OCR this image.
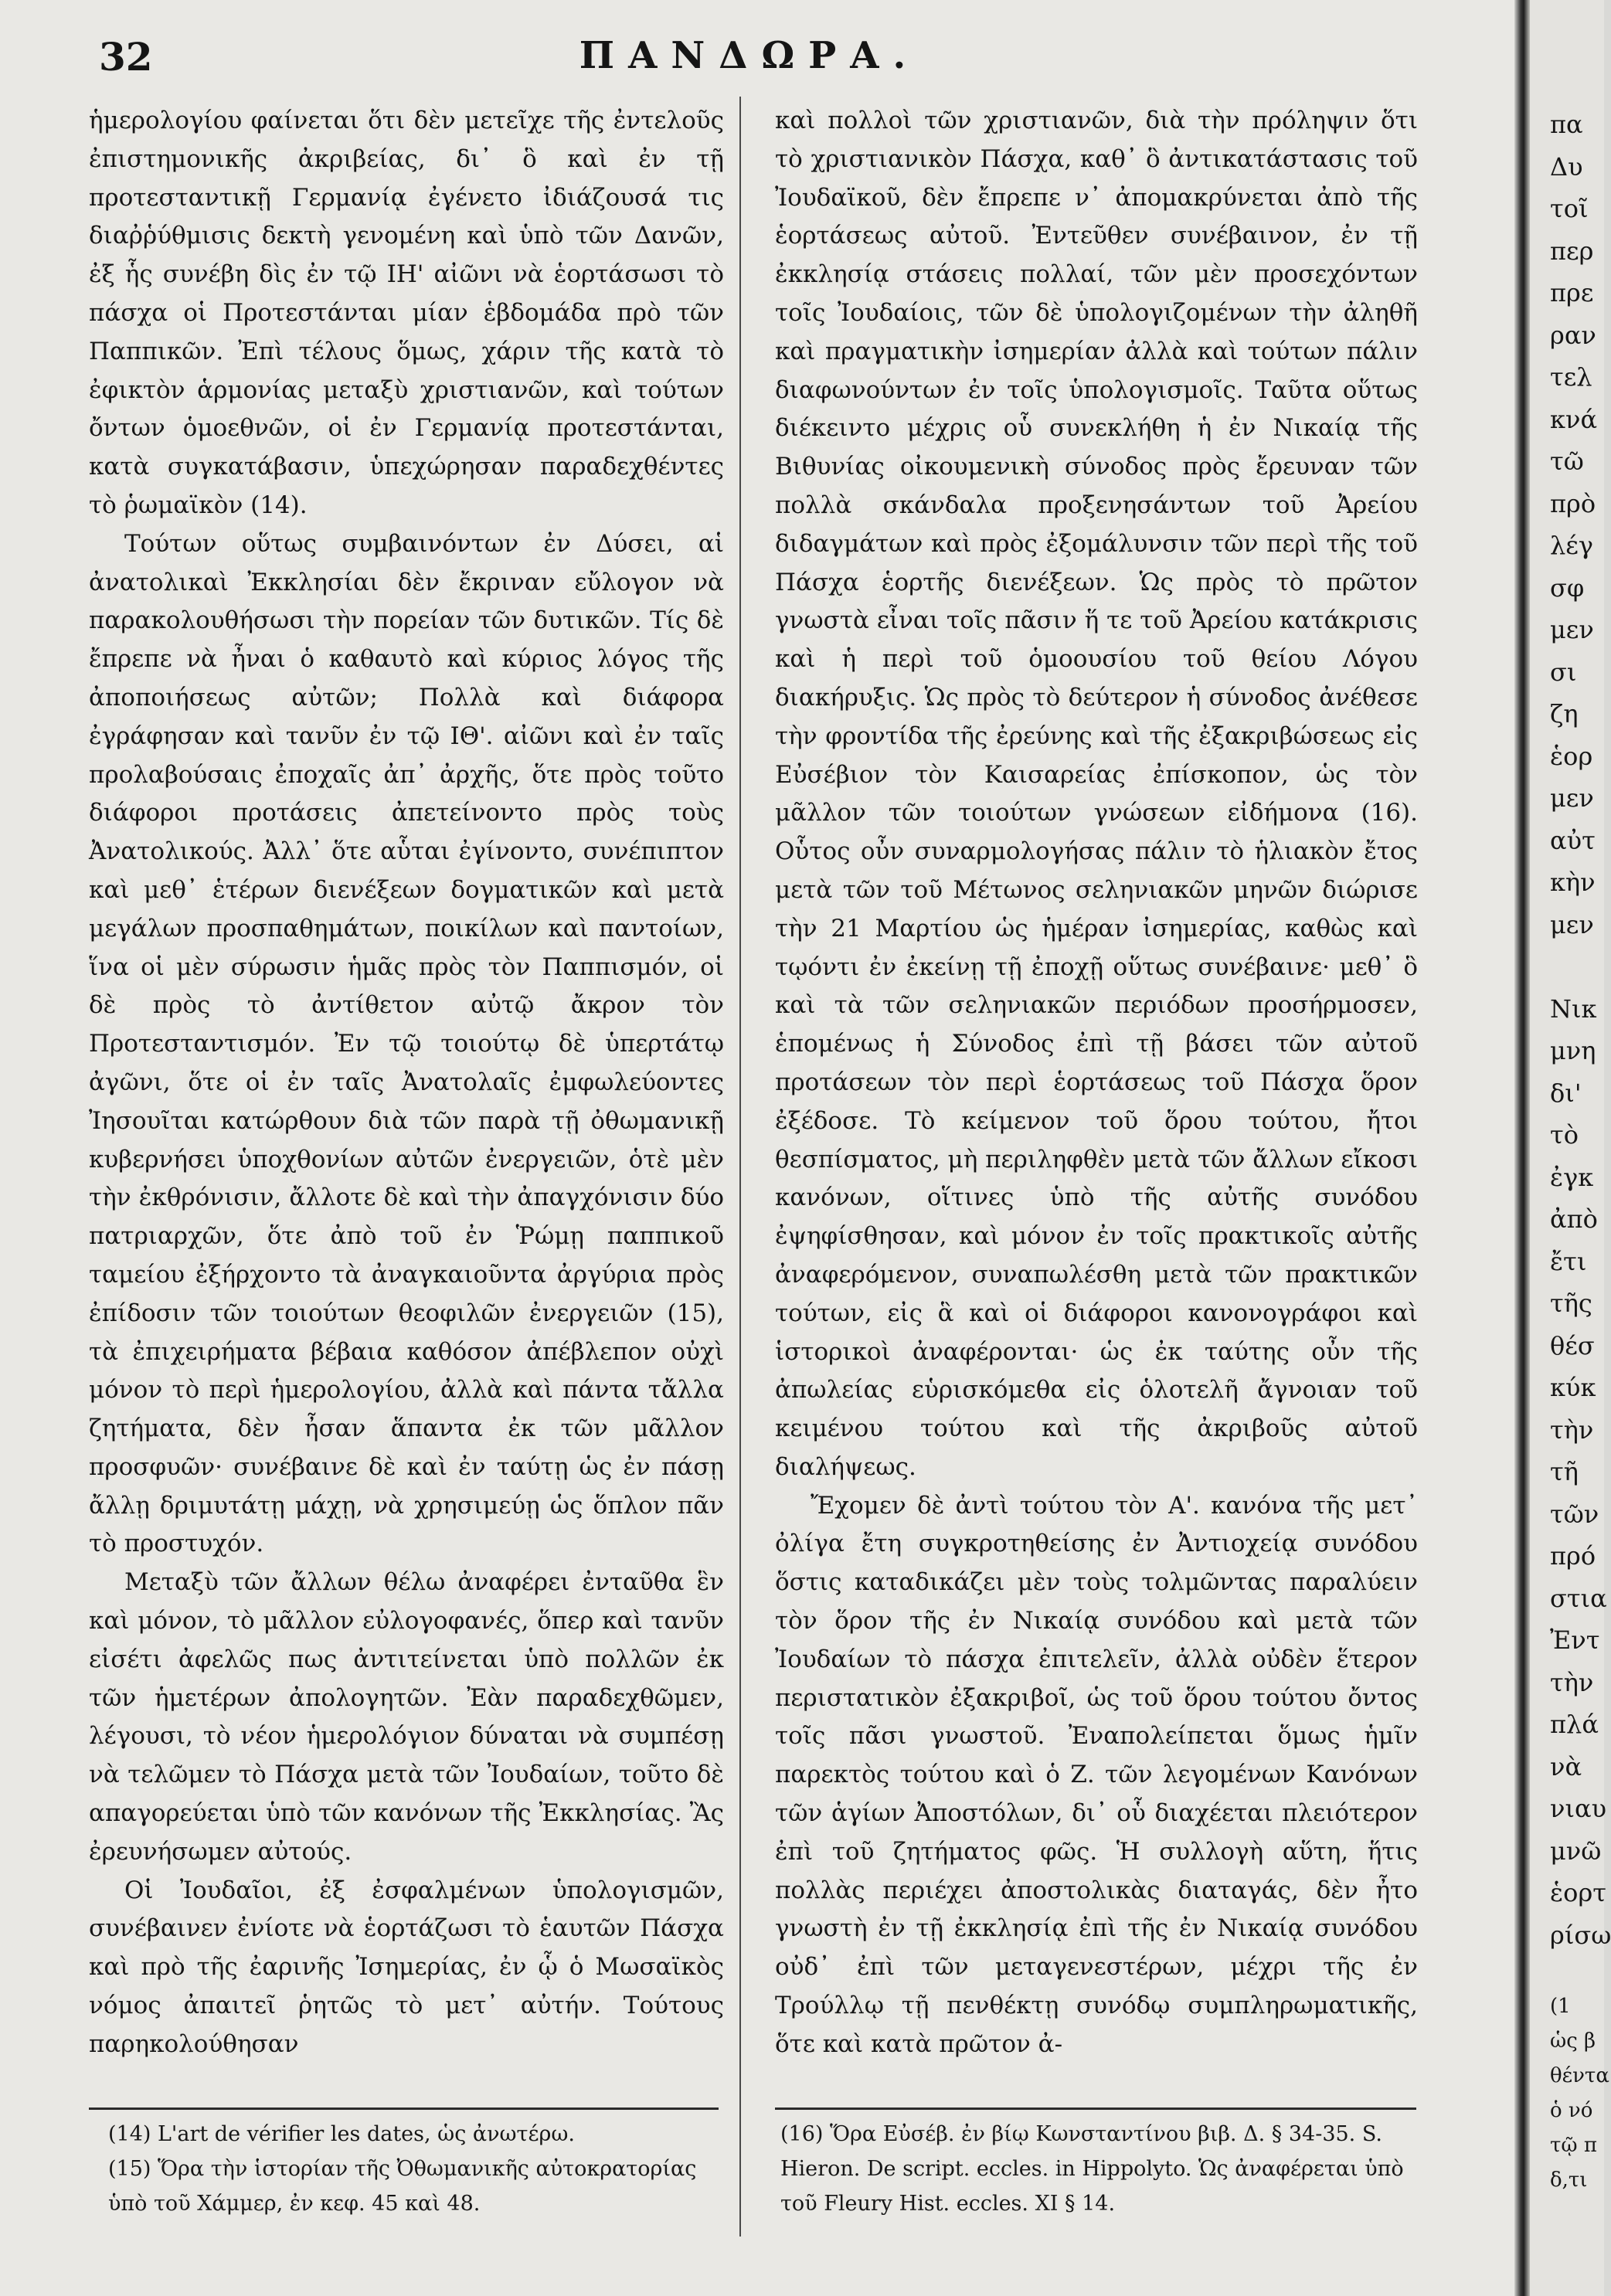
32	ΠΑΝΔΩΡΑ.

ἡμερολογίου φαίνεται ὅτι δὲν μετεῖχε τῆς ἐντελοῦς ἐπιστημονικῆς ἀκριβείας, δι᾽ ὃ καὶ ἐν τῇ προτεσταντικῇ Γερμανίᾳ ἐγένετο ἰδιάζουσά τις διαῤῥύθμισις δεκτὴ γενομένη καὶ ὑπὸ τῶν Δανῶν, ἐξ ἧς συνέβη δὶς ἐν τῷ ΙΗ' αἰῶνι νὰ ἑορτάσωσι τὸ πάσχα οἱ Προτεστάνται μίαν ἑβδομάδα πρὸ τῶν Παππικῶν. Ἐπὶ τέλους ὅμως, χάριν τῆς κατὰ τὸ ἐφικτὸν ἁρμονίας μεταξὺ χριστιανῶν, καὶ τούτων ὄντων ὁμοεθνῶν, οἱ ἐν Γερμανίᾳ προτεστάνται, κατὰ συγκατάβασιν, ὑπεχώρησαν παραδεχθέντες τὸ ῥωμαϊκὸν (14).

Τούτων οὕτως συμβαινόντων ἐν Δύσει, αἱ ἀνατολικαὶ Ἐκκλησίαι δὲν ἔκριναν εὔλογον νὰ παρακολουθήσωσι τὴν πορείαν τῶν δυτικῶν. Τίς δὲ ἔπρεπε νὰ ἦναι ὁ καθαυτὸ καὶ κύριος λόγος τῆς ἀποποιήσεως αὐτῶν; Πολλὰ καὶ διάφορα ἐγράφησαν καὶ τανῦν ἐν τῷ ΙΘ'. αἰῶνι καὶ ἐν ταῖς προλαβούσαις ἐποχαῖς ἀπ᾽ ἀρχῆς, ὅτε πρὸς τοῦτο διάφοροι προτάσεις ἀπετείνοντο πρὸς τοὺς Ἀνατολικούς. Ἀλλ᾽ ὅτε αὗται ἐγίνοντο, συνέπιπτον καὶ μεθ᾽ ἑτέρων διενέξεων δογματικῶν καὶ μετὰ μεγάλων προσπαθημάτων, ποικίλων καὶ παντοίων, ἵνα οἱ μὲν σύρωσιν ἡμᾶς πρὸς τὸν Παππισμόν, οἱ δὲ πρὸς τὸ ἀντίθετον αὐτῷ ἄκρον τὸν Προτεσταντισμόν. Ἐν τῷ τοιούτῳ δὲ ὑπερτάτῳ ἀγῶνι, ὅτε οἱ ἐν ταῖς Ἀνατολαῖς ἐμφωλεύοντες Ἰησουῖται κατώρθουν διὰ τῶν παρὰ τῇ ὀθωμανικῇ κυβερνήσει ὑποχθονίων αὐτῶν ἐνεργειῶν, ὁτὲ μὲν τὴν ἐκθρόνισιν, ἄλλοτε δὲ καὶ τὴν ἀπαγχόνισιν δύο πατριαρχῶν, ὅτε ἀπὸ τοῦ ἐν Ῥώμῃ παππικοῦ ταμείου ἐξήρχοντο τὰ ἀναγκαιοῦντα ἀργύρια πρὸς ἐπίδοσιν τῶν τοιούτων θεοφιλῶν ἐνεργειῶν (15), τὰ ἐπιχειρήματα βέβαια καθόσον ἀπέβλεπον οὐχὶ μόνον τὸ περὶ ἡμερολογίου, ἀλλὰ καὶ πάντα τἄλλα ζητήματα, δὲν ἦσαν ἅπαντα ἐκ τῶν μᾶλλον προσφυῶν· συνέβαινε δὲ καὶ ἐν ταύτῃ ὡς ἐν πάσῃ ἄλλῃ δριμυτάτῃ μάχῃ, νὰ χρησιμεύῃ ὡς ὅπλον πᾶν τὸ προστυχόν.

Μεταξὺ τῶν ἄλλων θέλω ἀναφέρει ἐνταῦθα ἓν καὶ μόνον, τὸ μᾶλλον εὐλογοφανές, ὅπερ καὶ τανῦν εἰσέτι ἀφελῶς πως ἀντιτείνεται ὑπὸ πολλῶν ἐκ τῶν ἡμετέρων ἀπολογητῶν. Ἐὰν παραδεχθῶμεν, λέγουσι, τὸ νέον ἡμερολόγιον δύναται νὰ συμπέσῃ νὰ τελῶμεν τὸ Πάσχα μετὰ τῶν Ἰουδαίων, τοῦτο δὲ απαγορεύεται ὑπὸ τῶν κανόνων τῆς Ἐκκλησίας. Ἂς ἐρευνήσωμεν αὐτούς.

Οἱ Ἰουδαῖοι, ἐξ ἐσφαλμένων ὑπολογισμῶν, συνέβαινεν ἐνίοτε νὰ ἑορτάζωσι τὸ ἑαυτῶν Πάσχα καὶ πρὸ τῆς ἐαρινῆς Ἰσημερίας, ἐν ᾧ ὁ Μωσαϊκὸς νόμος ἀπαιτεῖ ῥητῶς τὸ μετ᾽ αὐτήν. Τούτους παρηκολούθησαν

καὶ πολλοὶ τῶν χριστιανῶν, διὰ τὴν πρόληψιν ὅτι τὸ χριστιανικὸν Πάσχα, καθ᾽ ὃ ἀντικατάστασις τοῦ Ἰουδαϊκοῦ, δὲν ἔπρεπε ν᾽ ἀπομακρύνεται ἀπὸ τῆς ἑορτάσεως αὐτοῦ. Ἐντεῦθεν συνέβαινον, ἐν τῇ ἐκκλησίᾳ στάσεις πολλαί, τῶν μὲν προσεχόντων τοῖς Ἰουδαίοις, τῶν δὲ ὑπολογιζομένων τὴν ἀληθῆ καὶ πραγματικὴν ἰσημερίαν ἀλλὰ καὶ τούτων πάλιν διαφωνούντων ἐν τοῖς ὑπολογισμοῖς. Ταῦτα οὕτως διέκειντο μέχρις οὗ συνεκλήθη ἡ ἐν Νικαίᾳ τῆς Βιθυνίας οἰκουμενικὴ σύνοδος πρὸς ἔρευναν τῶν πολλὰ σκάνδαλα προξενησάντων τοῦ Ἀρείου διδαγμάτων καὶ πρὸς ἐξομάλυνσιν τῶν περὶ τῆς τοῦ Πάσχα ἑορτῆς διενέξεων. Ὡς πρὸς τὸ πρῶτον γνωστὰ εἶναι τοῖς πᾶσιν ἥ τε τοῦ Ἀρείου κατάκρισις καὶ ἡ περὶ τοῦ ὁμοουσίου τοῦ θείου Λόγου διακήρυξις. Ὡς πρὸς τὸ δεύτερον ἡ σύνοδος ἀνέθεσε τὴν φροντίδα τῆς ἐρεύνης καὶ τῆς ἐξακριβώσεως εἰς Εὐσέβιον τὸν Καισαρείας ἐπίσκοπον, ὡς τὸν μᾶλλον τῶν τοιούτων γνώσεων εἰδήμονα (16). Οὗτος οὖν συναρμολογήσας πάλιν τὸ ἡλιακὸν ἔτος μετὰ τῶν τοῦ Μέτωνος σεληνιακῶν μηνῶν διώρισε τὴν 21 Μαρτίου ὡς ἡμέραν ἰσημερίας, καθὼς καὶ τῳόντι ἐν ἐκείνῃ τῇ ἐποχῇ οὕτως συνέβαινε· μεθ᾽ ὃ καὶ τὰ τῶν σεληνιακῶν περιόδων προσήρμοσεν, ἑπομένως ἡ Σύνοδος ἐπὶ τῇ βάσει τῶν αὐτοῦ προτάσεων τὸν περὶ ἑορτάσεως τοῦ Πάσχα ὅρον ἐξέδοσε. Τὸ κείμενον τοῦ ὅρου τούτου, ἤτοι θεσπίσματος, μὴ περιληφθὲν μετὰ τῶν ἄλλων εἴκοσι κανόνων, οἵτινες ὑπὸ τῆς αὐτῆς συνόδου ἐψηφίσθησαν, καὶ μόνον ἐν τοῖς πρακτικοῖς αὐτῆς ἀναφερόμενον, συναπωλέσθη μετὰ τῶν πρακτικῶν τούτων, εἰς ἃ καὶ οἱ διάφοροι κανονογράφοι καὶ ἱστορικοὶ ἀναφέρονται· ὡς ἐκ ταύτης οὖν τῆς ἀπωλείας εὑρισκόμεθα εἰς ὁλοτελῆ ἄγνοιαν τοῦ κειμένου τούτου καὶ τῆς ἀκριβοῦς αὐτοῦ διαλήψεως.

Ἔχομεν δὲ ἀντὶ τούτου τὸν Α'. κανόνα τῆς μετ᾽ ὀλίγα ἔτη συγκροτηθείσης ἐν Ἀντιοχείᾳ συνόδου ὅστις καταδικάζει μὲν τοὺς τολμῶντας παραλύειν τὸν ὅρον τῆς ἐν Νικαίᾳ συνόδου καὶ μετὰ τῶν Ἰουδαίων τὸ πάσχα ἐπιτελεῖν, ἀλλὰ οὐδὲν ἕτερον περιστατικὸν ἐξακριβοῖ, ὡς τοῦ ὅρου τούτου ὄντος τοῖς πᾶσι γνωστοῦ. Ἐναπολείπεται ὅμως ἡμῖν παρεκτὸς τούτου καὶ ὁ Ζ. τῶν λεγομένων Κανόνων τῶν ἁγίων Ἀποστόλων, δι᾽ οὗ διαχέεται πλειότερον ἐπὶ τοῦ ζητήματος φῶς. Ἡ συλλογὴ αὕτη, ἥτις πολλὰς περιέχει ἀποστολικὰς διαταγάς, δὲν ἦτο γνωστὴ ἐν τῇ ἐκκλησίᾳ ἐπὶ τῆς ἐν Νικαίᾳ συνόδου οὐδ᾽ ἐπὶ τῶν μεταγενεστέρων, μέχρι τῆς ἐν Τρούλλῳ τῇ πενθέκτῃ συνόδῳ συμπληρωματικῆς, ὅτε καὶ κατὰ πρῶτον ἀ-

(14) L'art de vérifier les dates, ὡς ἀνωτέρω.

(15) Ὅρα τὴν ἱστορίαν τῆς Ὀθωμανικῆς αὐτοκρατορίας ὑπὸ τοῦ Χάμμερ, ἐν κεφ. 45 καὶ 48.

(16) Ὅρα Εὐσέβ. ἐν βίῳ Κωνσταντίνου βιβ. Δ. § 34-35. S. Hieron. De script. eccles. in Hippolyto. Ὡς ἀναφέρεται ὑπὸ τοῦ Fleury Hist. eccles. XI § 14.

πα
Δυ
τοῖ
περ
πρε
ραν
τελ
κνά
τῶ
πρὸ
λέγ
σφ
μεν
σι
ζη
ἑορ
μεν
αὐτ
κὴν
μεν

Νικ
μνη
δι'
τὸ
ἐγκ
ἀπὸ
ἔτι
τῆς
θέσ
κύκ
τὴν
τῆ
τῶν
πρό
στια
Ἐντ
τὴν
πλά
νὰ
νιαυ
μνῶ
ἑορτ
ρίσω
(1
ὡς β
θέντα
ὁ νό
τῷ π
δ,τι
